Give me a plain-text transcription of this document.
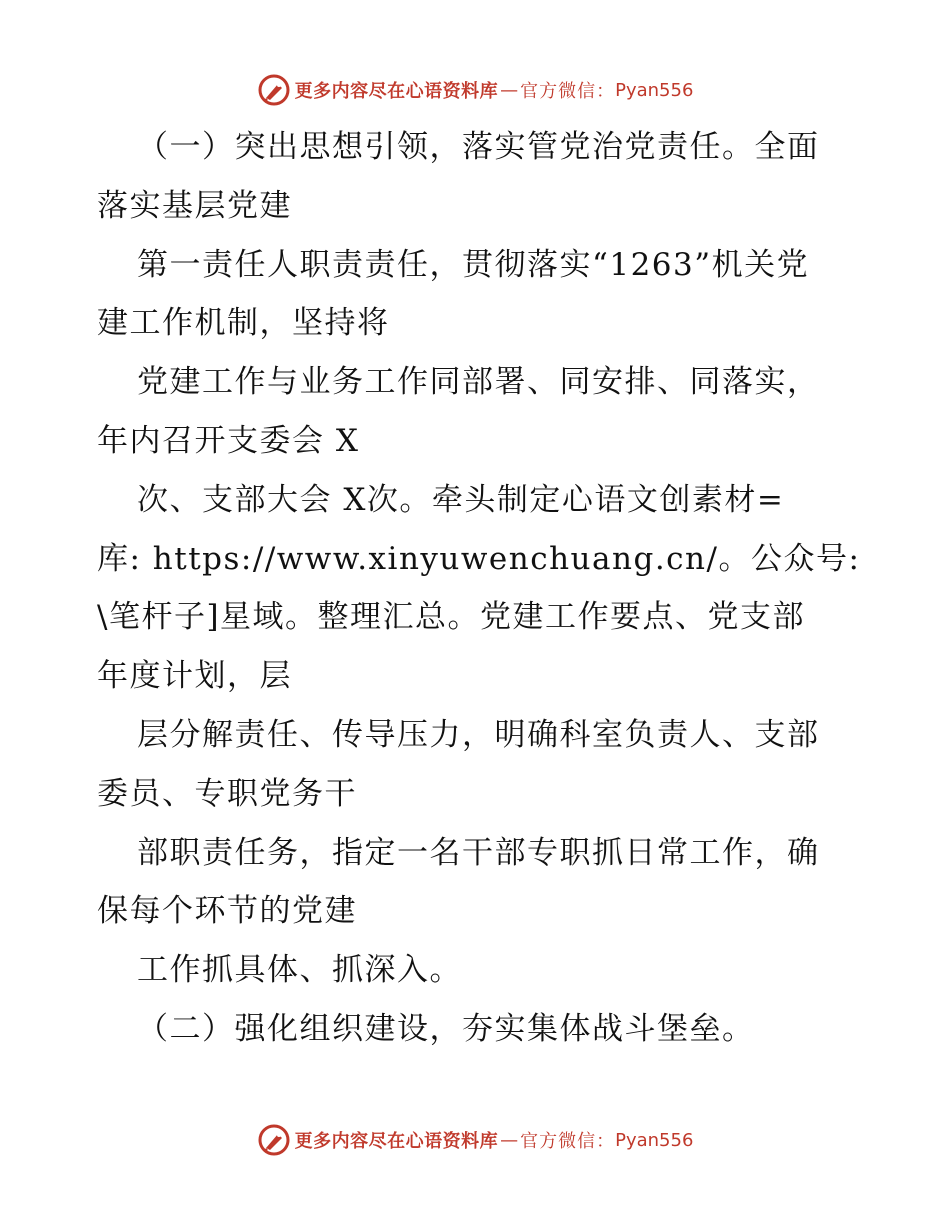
更多内容尽在心语资料库 — 官方微信： Pyan556
（一）突出思想引领，落实管党治党责任。全面
落实基层党建
第一责任人职责责任，贯彻落实“1263”机关党
建工作机制，坚持将
党建工作与业务工作同部署、同安排、同落实，
年内召开支委会 X
次、支部大会 X次。牵头制定心语文创素材=
库: https://www.xinyuwenchuang.cn/。公众号:
\笔杆子]星域。整理汇总。党建工作要点、党支部
年度计划，层
层分解责任、传导压力，明确科室负责人、支部
委员、专职党务干
部职责任务，指定一名干部专职抓日常工作，确
保每个环节的党建
工作抓具体、抓深入。
（二）强化组织建设，夯实集体战斗堡垒。
更多内容尽在心语资料库 — 官方微信： Pyan556
